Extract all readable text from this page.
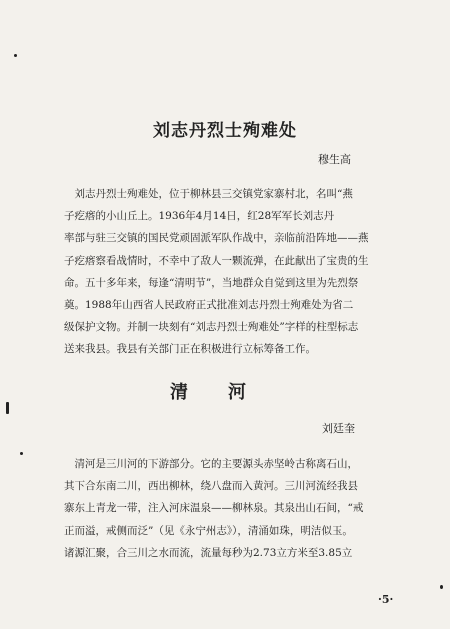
刘志丹烈士殉难处
穆生高

　刘志丹烈士殉难处，位于柳林县三交镇党家寨村北，名叫“燕

子疙瘩的小山丘上。1936年4月14日，红28军军长刘志丹

率部与驻三交镇的国民党顽固派军队作战中，亲临前沿阵地——燕

子疙瘩察看战情时，不幸中了敌人一颗流弹，在此献出了宝贵的生

命。五十多年来，每逢“清明节”，当地群众自觉到这里为先烈祭

奠。1988年山西省人民政府正式批准刘志丹烈士殉难处为省二

级保护文物。并制一块刻有“刘志丹烈士殉难处”字样的柱型标志

送来我县。我县有关部门正在积极进行立标筹备工作。

清河
刘廷奎

　清河是三川河的下游部分。它的主要源头赤坚岭古称离石山，

其下合东南二川，西出柳林，绕八盘而入黄河。三川河流经我县

寨东上青龙一带，注入河床温泉——柳林泉。其泉出山石间，“戒

正而溢，戒侧而泛”（见《永宁州志》），清涌如珠，明洁似玉。

诸源汇聚，合三川之水而流，流量每秒为2.73立方米至3.85立

·5·
